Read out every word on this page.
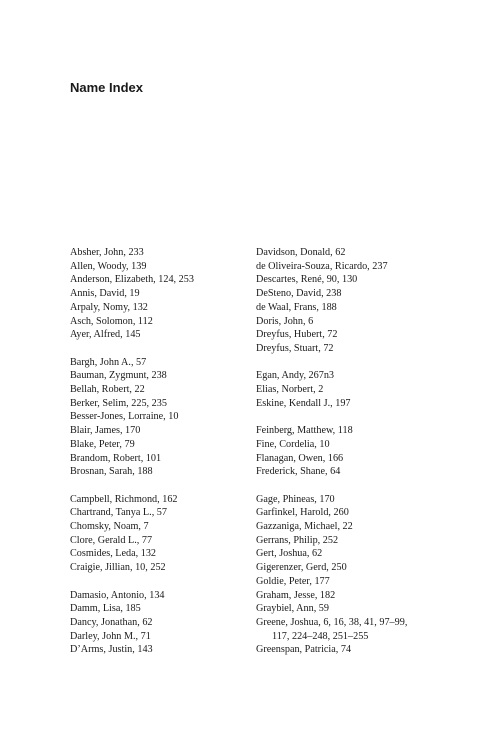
Name Index
Absher, John, 233
Allen, Woody, 139
Anderson, Elizabeth, 124, 253
Annis, David, 19
Arpaly, Nomy, 132
Asch, Solomon, 112
Ayer, Alfred, 145
Bargh, John A., 57
Bauman, Zygmunt, 238
Bellah, Robert, 22
Berker, Selim, 225, 235
Besser-Jones, Lorraine, 10
Blair, James, 170
Blake, Peter, 79
Brandom, Robert, 101
Brosnan, Sarah, 188
Campbell, Richmond, 162
Chartrand, Tanya L., 57
Chomsky, Noam, 7
Clore, Gerald L., 77
Cosmides, Leda, 132
Craigie, Jillian, 10, 252
Damasio, Antonio, 134
Damm, Lisa, 185
Dancy, Jonathan, 62
Darley, John M., 71
D’Arms, Justin, 143
Davidson, Donald, 62
de Oliveira-Souza, Ricardo, 237
Descartes, René, 90, 130
DeSteno, David, 238
de Waal, Frans, 188
Doris, John, 6
Dreyfus, Hubert, 72
Dreyfus, Stuart, 72
Egan, Andy, 267n3
Elias, Norbert, 2
Eskine, Kendall J., 197
Feinberg, Matthew, 118
Fine, Cordelia, 10
Flanagan, Owen, 166
Frederick, Shane, 64
Gage, Phineas, 170
Garfinkel, Harold, 260
Gazzaniga, Michael, 22
Gerrans, Philip, 252
Gert, Joshua, 62
Gigerenzer, Gerd, 250
Goldie, Peter, 177
Graham, Jesse, 182
Graybiel, Ann, 59
Greene, Joshua, 6, 16, 38, 41, 97–99,
117, 224–248, 251–255
Greenspan, Patricia, 74
